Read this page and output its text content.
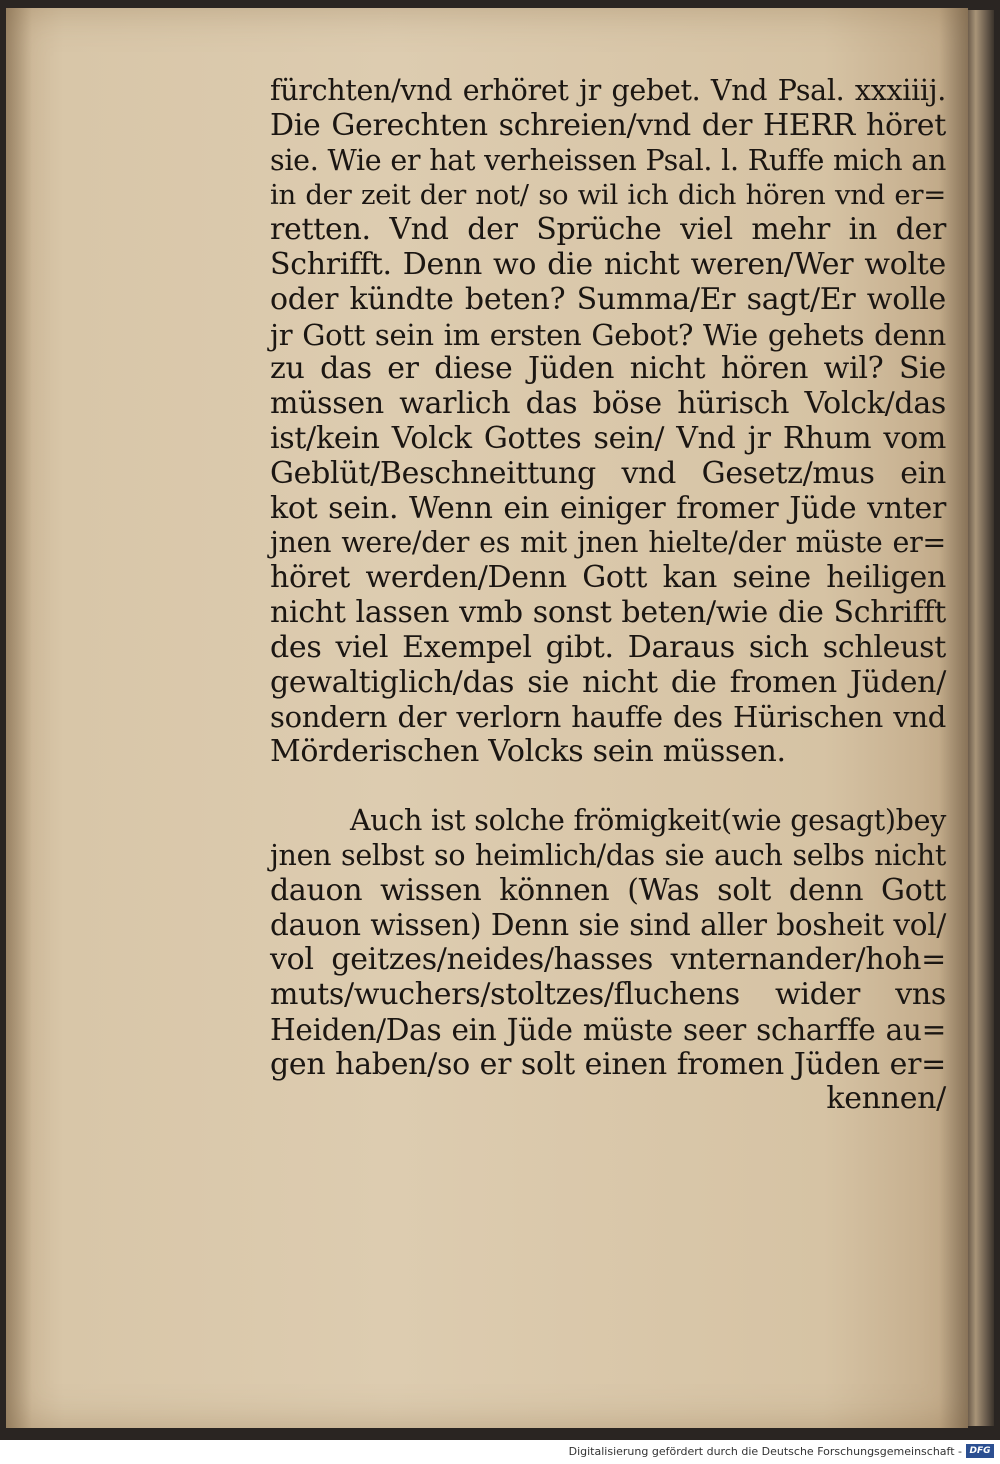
fürchten/vnd erhöret jr gebet. Vnd Psal. xxxiiij.
Die Gerechten schreien/vnd der HERR höret
sie. Wie er hat verheissen Psal. l. Ruffe mich an
in der zeit der not/ so wil ich dich hören vnd er=
retten. Vnd der Sprüche viel mehr in der
Schrifft. Denn wo die nicht weren/Wer wolte
oder kündte beten? Summa/Er sagt/Er wolle
jr Gott sein im ersten Gebot? Wie gehets denn
zu das er diese Jüden nicht hören wil? Sie
müssen warlich das böse hürisch Volck/das
ist/kein Volck Gottes sein/ Vnd jr Rhum vom
Geblüt/Beschneittung vnd Gesetz/mus ein
kot sein. Wenn ein einiger fromer Jüde vnter
jnen were/der es mit jnen hielte/der müste er=
höret werden/Denn Gott kan seine heiligen
nicht lassen vmb sonst beten/wie die Schrifft
des viel Exempel gibt. Daraus sich schleust
gewaltiglich/das sie nicht die fromen Jüden/
sondern der verlorn hauffe des Hürischen vnd
Mörderischen Volcks sein müssen.
Auch ist solche frömigkeit(wie gesagt)bey
jnen selbst so heimlich/das sie auch selbs nicht
dauon wissen können (Was solt denn Gott
dauon wissen) Denn sie sind aller bosheit vol/
vol geitzes/neides/hasses vnternander/hoh=
muts/wuchers/stoltzes/fluchens wider vns
Heiden/Das ein Jüde müste seer scharffe au=
gen haben/so er solt einen fromen Jüden er=
kennen/
Digitalisierung gefördert durch die Deutsche Forschungsgemeinschaft - DFG
